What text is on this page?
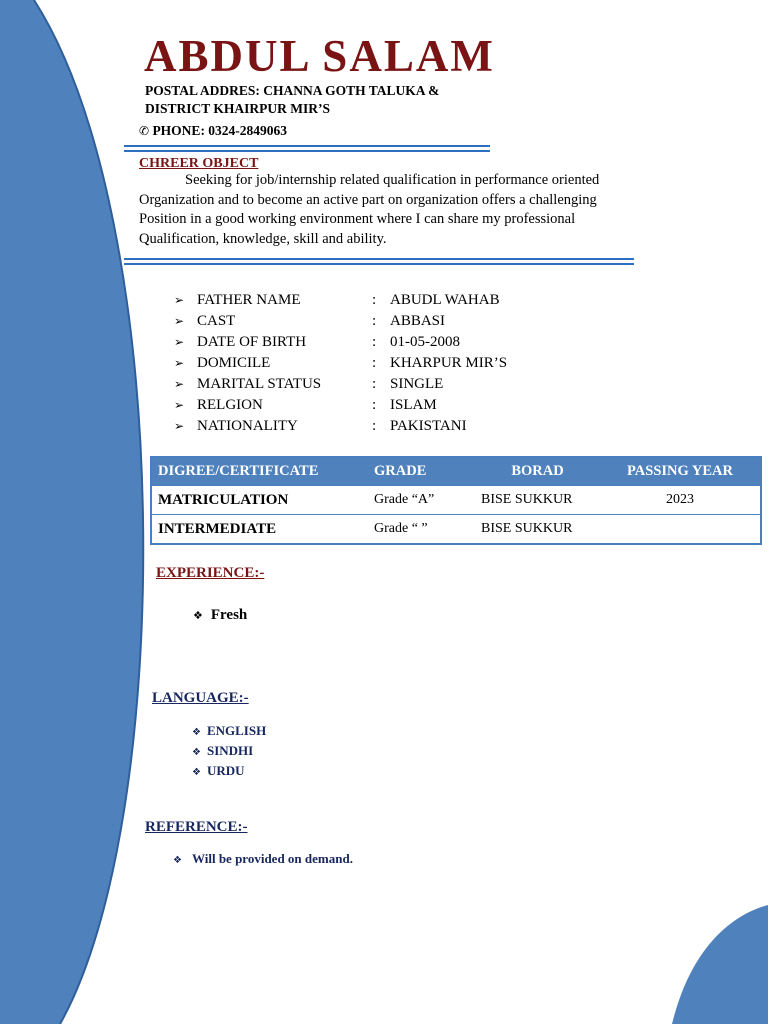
ABDUL SALAM
POSTAL ADDRES: CHANNA GOTH TALUKA &
DISTRICT KHAIRPUR MIR’S
✆ PHONE: 0324-2849063
CHREER OBJECT

Seeking for job/internship related qualification in performance oriented Organization and to become an active part on organization offers a challenging Position in a good working environment where I can share my professional Qualification, knowledge, skill and ability.

➢ FATHER NAME	: ABUDL WAHAB
➢ CAST	: ABBASI
➢ DATE OF BIRTH	: 01-05-2008
➢ DOMICILE	: KHARPUR MIR’S
➢ MARITAL STATUS	: SINGLE
➢ RELGION	: ISLAM
➢ NATIONALITY	: PAKISTANI
DIGREE/CERTIFICATE	GRADE	BORAD	PASSING YEAR
MATRICULATION	Grade “A”	BISE SUKKUR	2023
INTERMEDIATE	Grade “ ”	BISE SUKKUR	
EXPERIENCE:-
❖ Fresh
LANGUAGE:-
❖ ENGLISH
❖ SINDHI
❖ URDU
REFERENCE:-
❖ Will be provided on demand.
